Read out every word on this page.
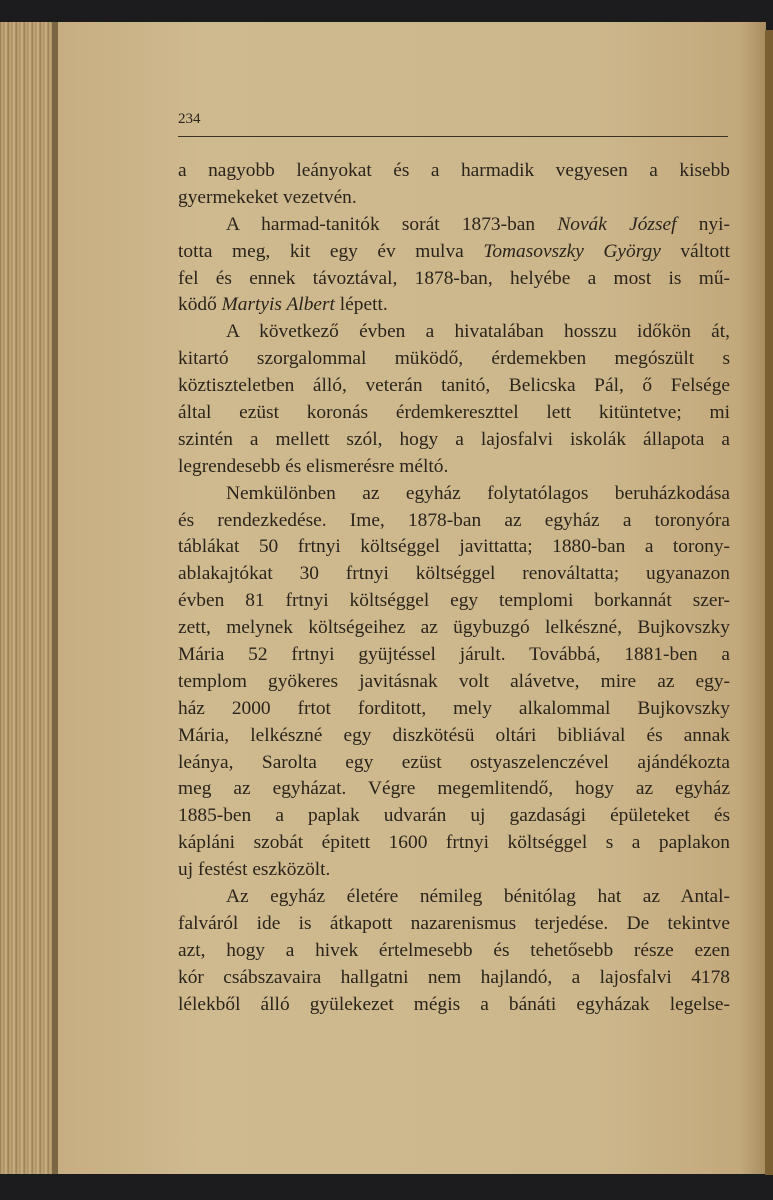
234
a nagyobb leányokat és a harmadik vegyesen a kisebb
gyermekeket vezetvén.
A harmad-tanitók sorát 1873-ban Novák József nyi-
totta meg, kit egy év mulva Tomasovszky György váltott
fel és ennek távoztával, 1878-ban, helyébe a most is mű-
ködő Martyis Albert lépett.
A következő évben a hivatalában hosszu időkön át,
kitartó szorgalommal müködő, érdemekben megószült s
köztiszteletben álló, veterán tanitó, Belicska Pál, ő Felsége
által ezüst koronás érdemkereszttel lett kitüntetve; mi
szintén a mellett szól, hogy a lajosfalvi iskolák állapota a
legrendesebb és elismerésre méltó.
Nemkülönben az egyház folytatólagos beruházkodása
és rendezkedése. Ime, 1878-ban az egyház a toronyóra
táblákat 50 frtnyi költséggel javittatta; 1880-ban a torony-
ablakajtókat 30 frtnyi költséggel renováltatta; ugyanazon
évben 81 frtnyi költséggel egy templomi borkannát szer-
zett, melynek költségeihez az ügybuzgó lelkészné, Bujkovszky
Mária 52 frtnyi gyüjtéssel járult. Továbbá, 1881-ben a
templom gyökeres javitásnak volt alávetve, mire az egy-
ház 2000 frtot forditott, mely alkalommal Bujkovszky
Mária, lelkészné egy diszkötésü oltári bibliával és annak
leánya, Sarolta egy ezüst ostyaszelenczével ajándékozta
meg az egyházat. Végre megemlitendő, hogy az egyház
1885-ben a paplak udvarán uj gazdasági épületeket és
kápláni szobát épitett 1600 frtnyi költséggel s a paplakon
uj festést eszközölt.
Az egyház életére némileg bénitólag hat az Antal-
falváról ide is átkapott nazarenismus terjedése. De tekintve
azt, hogy a hivek értelmesebb és tehetősebb része ezen
kór csábszavaira hallgatni nem hajlandó, a lajosfalvi 4178
lélekből álló gyülekezet mégis a bánáti egyházak legelse-
